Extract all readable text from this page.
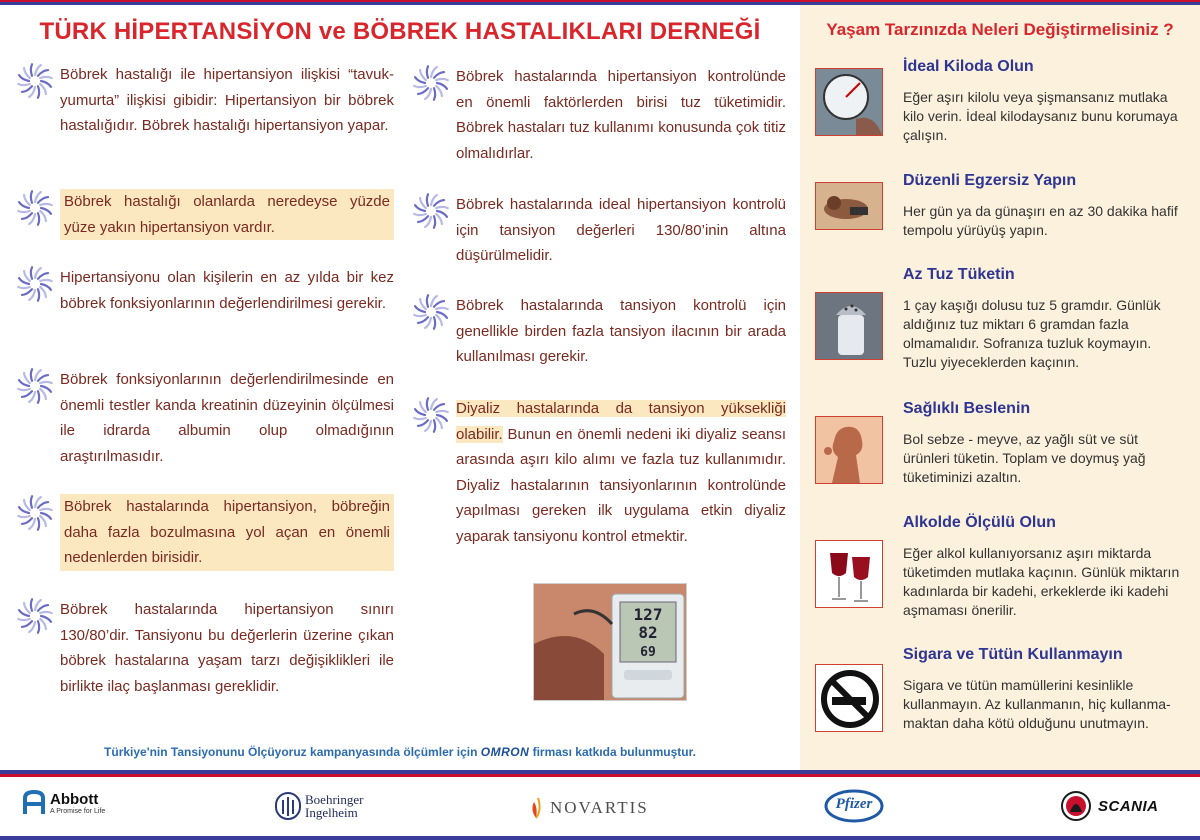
TÜRK HİPERTANSİYON ve BÖBREK HASTALIKLARI DERNEĞİ
Böbrek hastalığı ile hipertansiyon ilişkisi “tavuk-yumurta” ilişkisi gibidir: Hipertansiyon bir böbrek hastalığıdır. Böbrek hastalığı hipertansiyon yapar.
Böbrek hastalığı olanlarda neredeyse yüzde yüze yakın hipertansiyon vardır.
Hipertansiyonu olan kişilerin en az yılda bir kez böbrek fonksiyonlarının değerlendirilmesi gerekir.
Böbrek fonksiyonlarının değerlendirilmesinde en önemli testler kanda kreatinin düzeyinin ölçülmesi ile idrarda albumin olup olmadığının araştırılmasıdır.
Böbrek hastalarında hipertansiyon, böbreğin daha fazla bozulmasına yol açan en önemli nedenlerden birisidir.
Böbrek hastalarında hipertansiyon sınırı 130/80’dir. Tansiyonu bu değerlerin üzerine çıkan böbrek hastalarına yaşam tarzı değişiklikleri ile birlikte ilaç başlanması gereklidir.
Böbrek hastalarında hipertansiyon kontrolünde en önemli faktörlerden birisi tuz tüketimidir. Böbrek hastaları tuz kullanımı konusunda çok titiz olmalıdırlar.
Böbrek hastalarında ideal hipertansiyon kontrolü için tansiyon değerleri 130/80’inin altına düşürülmelidir.
Böbrek hastalarında tansiyon kontrolü için genellikle birden fazla tansiyon ilacının bir arada kullanılması gerekir.
Diyaliz hastalarında da tansiyon yüksekliği olabilir. Bunun en önemli nedeni iki diyaliz seansı arasında aşırı kilo alımı ve fazla tuz kullanımıdır. Diyaliz hastalarının tansiyonlarının kontrolünde yapılması gereken ilk uygulama etkin diyaliz yaparak tansiyonu kontrol etmektir.
127
82
69
Türkiye'nin Tansiyonunu Ölçüyoruz kampanyasında ölçümler için OMRON firması katkıda bulunmuştur.
Yaşam Tarzınızda Neleri Değiştirmelisiniz ?
İdeal Kiloda Olun
Eğer aşırı kilolu veya şişmansanız mutlaka kilo verin. İdeal kilodaysanız bunu korumaya çalışın.
Düzenli Egzersiz Yapın
Her gün ya da günaşırı en az 30 dakika hafif tempolu yürüyüş yapın.
Az Tuz Tüketin
1 çay kaşığı dolusu tuz 5 gramdır. Günlük aldığınız tuz miktarı 6 gramdan fazla olmamalıdır. Sofranıza tuzluk koymayın. Tuzlu yiyeceklerden kaçının.
Sağlıklı Beslenin
Bol sebze - meyve, az yağlı süt ve süt ürünleri tüketin. Toplam ve doymuş yağ tüketiminizi azaltın.
Alkolde Ölçülü Olun
Eğer alkol kullanıyorsanız aşırı miktarda tüketimden mutlaka kaçının. Günlük miktarın kadınlarda bir kadehi, erkeklerde iki kadehi aşmaması önerilir.
Sigara ve Tütün Kullanmayın
Sigara ve tütün mamüllerini kesinlikle kullanmayın. Az kullanmanın, hiç kullanma-maktan daha kötü olduğunu unutmayın.
Abbott
A Promise for Life
Boehringer
Ingelheim	NOVARTIS	Pfizer	SCANIA
